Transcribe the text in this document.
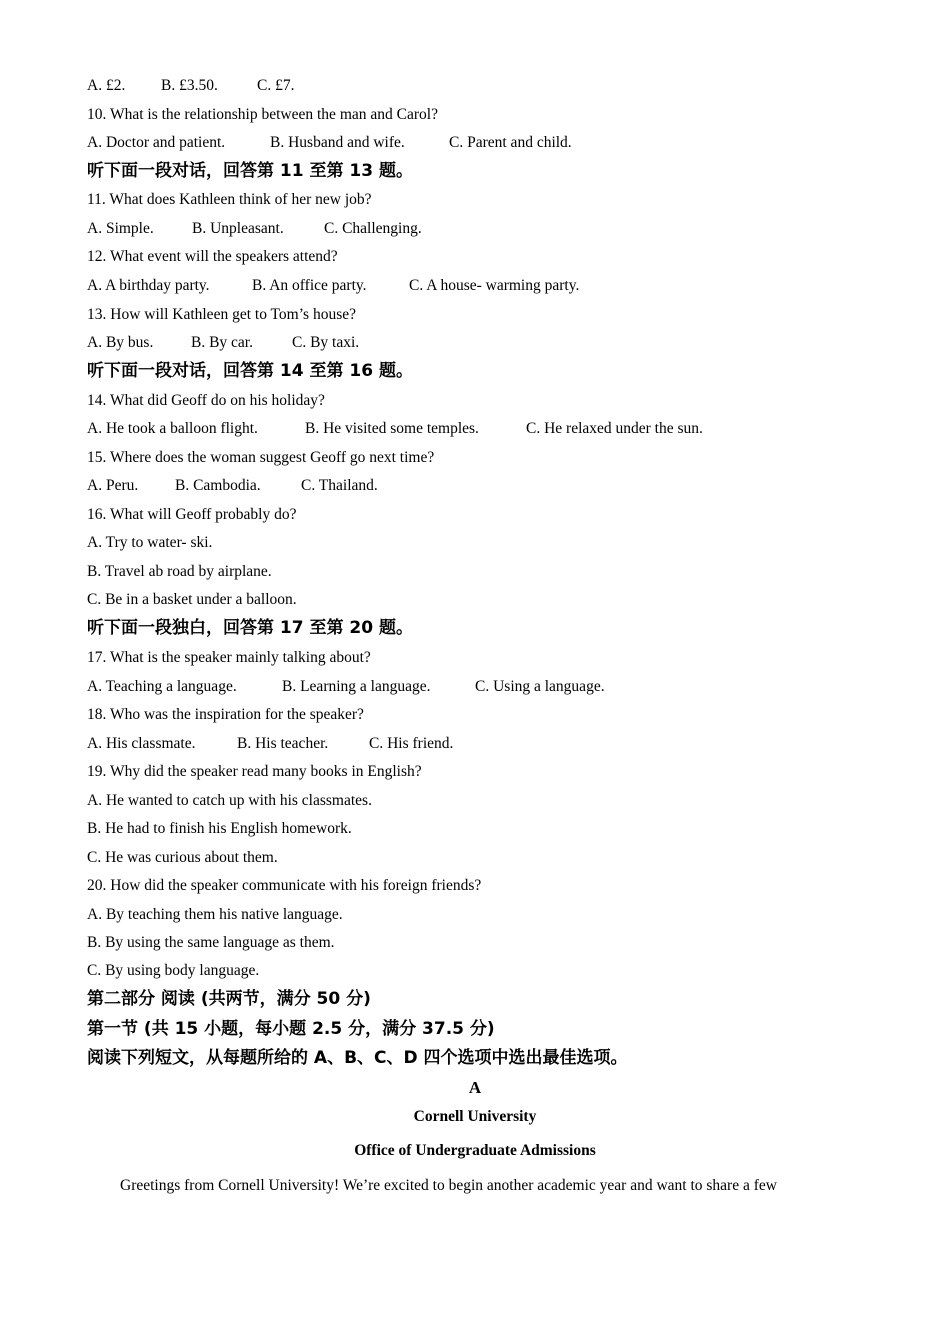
A. £2. B. £3.50.	C. £7.
10. What is the relationship between the man and Carol?
A. Doctor and patient.	B. Husband and wife.	C. Parent and child.
听下面一段对话，回答第 11 至第 13 题。
11. What does Kathleen think of her new job?
A. Simple. B. Unpleasant.	C. Challenging.
12. What event will the speakers attend?
A. A birthday party.	B. An office party.	C. A house- warming party.
13. How will Kathleen get to Tom’s house?
A. By bus. B. By car.	C. By taxi.
听下面一段对话，回答第 14 至第 16 题。
14. What did Geoff do on his holiday?
A. He took a balloon flight.	B. He visited some temples.	C. He relaxed under the sun.
15. Where does the woman suggest Geoff go next time?
A. Peru. B. Cambodia.	C. Thailand.
16. What will Geoff probably do?
A. Try to water- ski.
B. Travel ab road by airplane.
C. Be in a basket under a balloon.
听下面一段独白，回答第 17 至第 20 题。
17. What is the speaker mainly talking about?
A. Teaching a language.	B. Learning a language.	C. Using a language.
18. Who was the inspiration for the speaker?
A. His classmate.	B. His teacher.	C. His friend.
19. Why did the speaker read many books in English?
A. He wanted to catch up with his classmates.
B. He had to finish his English homework.
C. He was curious about them.
20. How did the speaker communicate with his foreign friends?
A. By teaching them his native language.
B. By using the same language as them.
C. By using body language.
第二部分 阅读 (共两节，满分 50 分)
第一节 (共 15 小题，每小题 2.5 分，满分 37.5 分)
阅读下列短文，从每题所给的 A、B、C、D 四个选项中选出最佳选项。
A
Cornell University
Office of Undergraduate Admissions
Greetings from Cornell University! We’re excited to begin another academic year and want to share a few
